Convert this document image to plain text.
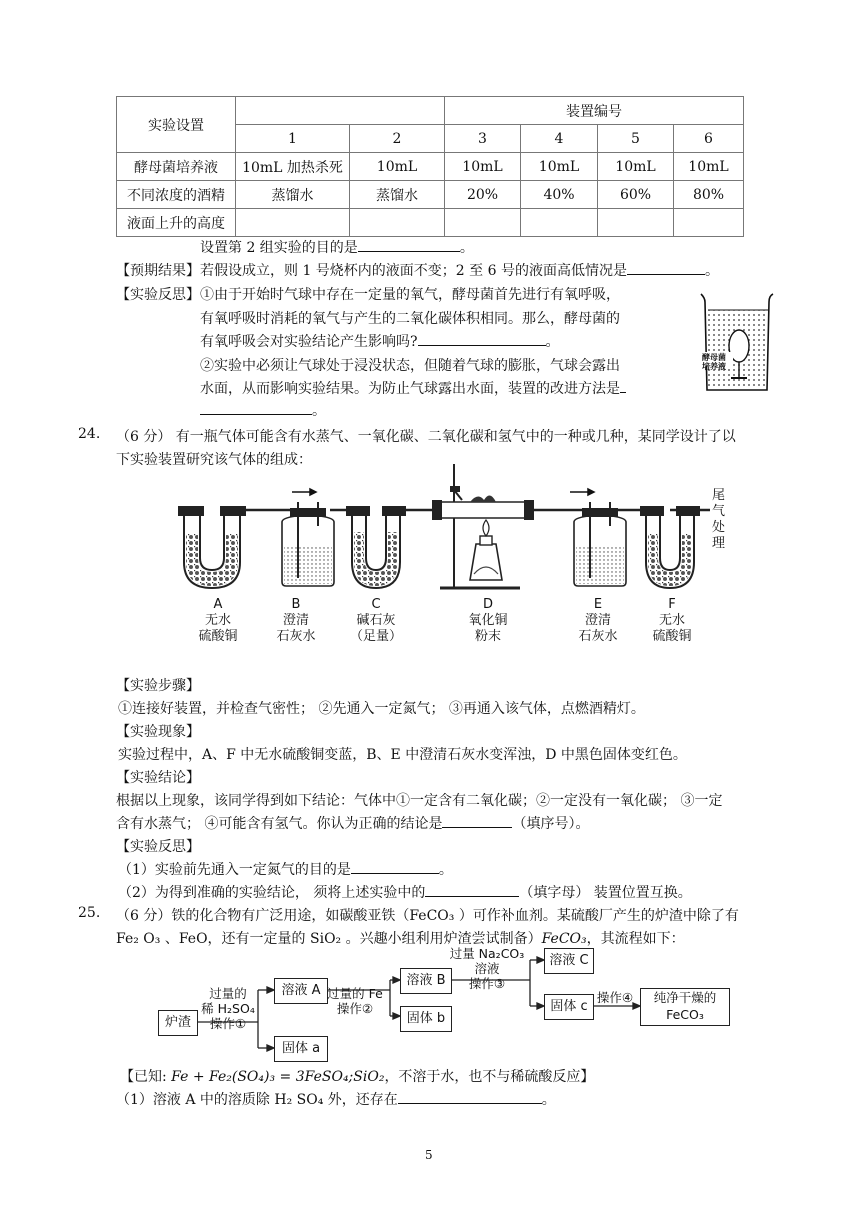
实验设置			装置编号			
	1	2	3	4	5	6
酵母菌培养液	10mL 加热杀死	10mL	10mL	10mL	10mL	10mL
不同浓度的酒精	蒸馏水	蒸馏水	20%	40%	60%	80%
液面上升的高度						
设置第 2 组实验的目的是	。
【预期结果】若假设成立，则 1 号烧杯内的液面不变；2 至 6 号的液面高低情况是	。
【实验反思】 ①由于开始时气球中存在一定量的氧气，酵母菌首先进行有氧呼吸，
有氧呼吸时消耗的氧气与产生的二氧化碳体积相同。那么，酵母菌的
有氧呼吸会对实验结论产生影响吗?	。
②实验中必须让气球处于浸没状态，但随着气球的膨胀，气球会露出
水面，从而影响实验结果。为防止气球露出水面，装置的改进方法是
。
酵母菌培养液
24. （6 分） 有一瓶气体可能含有水蒸气、一氧化碳、二氧化碳和氢气中的一种或几种，某同学设计了以
下实验装置研究该气体的组成：
尾气处理
A
无水
硫酸铜
B
澄清
石灰水
C
碱石灰
（足量）
D
氧化铜
粉末
E
澄清
石灰水
F
无水
硫酸铜
【实验步骤】
①连接好装置，并检查气密性； ②先通入一定氮气； ③再通入该气体，点燃酒精灯。
【实验现象】
实验过程中，A、F 中无水硫酸铜变蓝，B、E 中澄清石灰水变浑浊，D 中黑色固体变红色。
【实验结论】
根据以上现象，该同学得到如下结论：气体中①一定含有二氧化碳；②一定没有一氧化碳； ③一定
含有水蒸气； ④可能含有氢气。你认为正确的结论是	（填序号）。
【实验反思】
（1）实验前先通入一定氮气的目的是	。
（2）为得到准确的实验结论， 须将上述实验中的	（填字母） 装置位置互换。
25. （6 分）铁的化合物有广泛用途，如碳酸亚铁（FeCO₃ ）可作补血剂。某硫酸厂产生的炉渣中除了有
Fe₂ O₃ 、FeO，还有一定量的 SiO₂ 。兴趣小组利用炉渣尝试制备）FeCO₃，其流程如下：
炉渣
过量的
稀 H₂SO₄
操作①
溶液 A
固体 a
过量的 Fe
操作②
溶液 B
固体 b
过量 Na₂CO₃
溶液
操作③
溶液 C
固体 c
操作④	纯净干燥的
FeCO₃
【已知: Fe + Fe₂(SO₄)₃ = 3FeSO₄;SiO₂，不溶于水，也不与稀硫酸反应】
（1）溶液 A 中的溶质除 H₂ SO₄ 外，还存在	。
5
